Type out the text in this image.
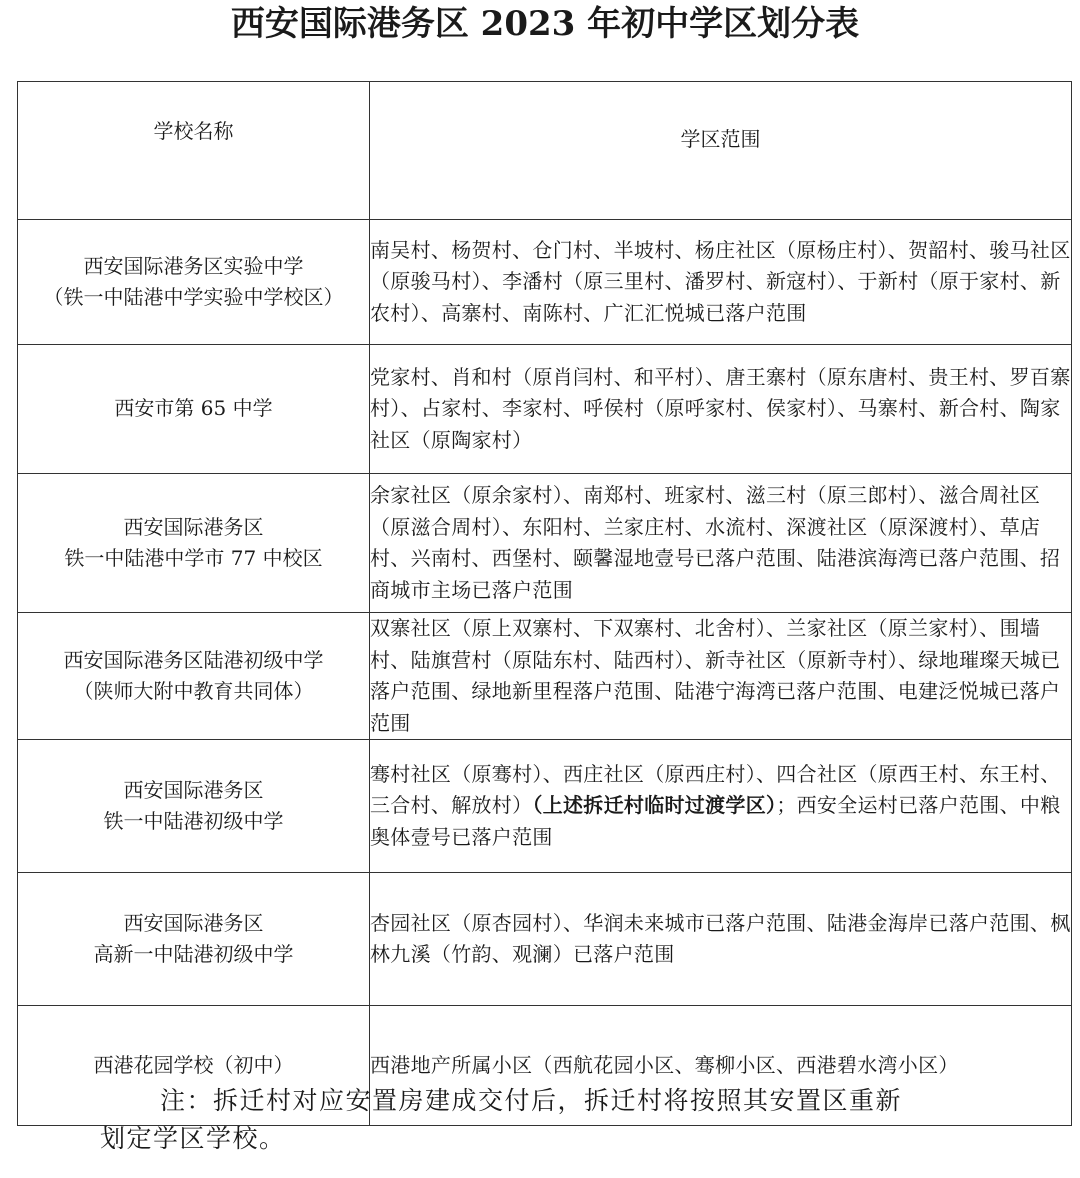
西安国际港务区 2023 年初中学区划分表
学校名称	学区范围

西安国际港务区实验中学
（铁一中陆港中学实验中学校区）	南吴村、杨贺村、仓门村、半坡村、杨庄社区（原杨庄村）、贺韶村、骏马社区（原骏马村）、李潘村（原三里村、潘罗村、新寇村）、于新村（原于家村、新农村）、高寨村、南陈村、广汇汇悦城已落户范围

西安市第 65 中学	党家村、肖和村（原肖闫村、和平村）、唐王寨村（原东唐村、贵王村、罗百寨村）、占家村、李家村、呼侯村（原呼家村、侯家村）、马寨村、新合村、陶家社区（原陶家村）

西安国际港务区
铁一中陆港中学市 77 中校区	余家社区（原余家村）、南郑村、班家村、滋三村（原三郎村）、滋合周社区（原滋合周村）、东阳村、兰家庄村、水流村、深渡社区（原深渡村）、草店村、兴南村、西堡村、颐馨湿地壹号已落户范围、陆港滨海湾已落户范围、招商城市主场已落户范围

西安国际港务区陆港初级中学
（陕师大附中教育共同体）	双寨社区（原上双寨村、下双寨村、北舍村）、兰家社区（原兰家村）、围墙村、陆旗营村（原陆东村、陆西村）、新寺社区（原新寺村）、绿地璀璨天城已落户范围、绿地新里程落户范围、陆港宁海湾已落户范围、电建泛悦城已落户范围

西安国际港务区
铁一中陆港初级中学	骞村社区（原骞村）、西庄社区（原西庄村）、四合社区（原西王村、东王村、三合村、解放村）（上述拆迁村临时过渡学区）；西安全运村已落户范围、中粮奥体壹号已落户范围

西安国际港务区
高新一中陆港初级中学	杏园社区（原杏园村）、华润未来城市已落户范围、陆港金海岸已落户范围、枫林九溪（竹韵、观澜）已落户范围

西港花园学校（初中）	西港地产所属小区（西航花园小区、骞柳小区、西港碧水湾小区）
注：拆迁村对应安置房建成交付后，拆迁村将按照其安置区重新
划定学区学校。
